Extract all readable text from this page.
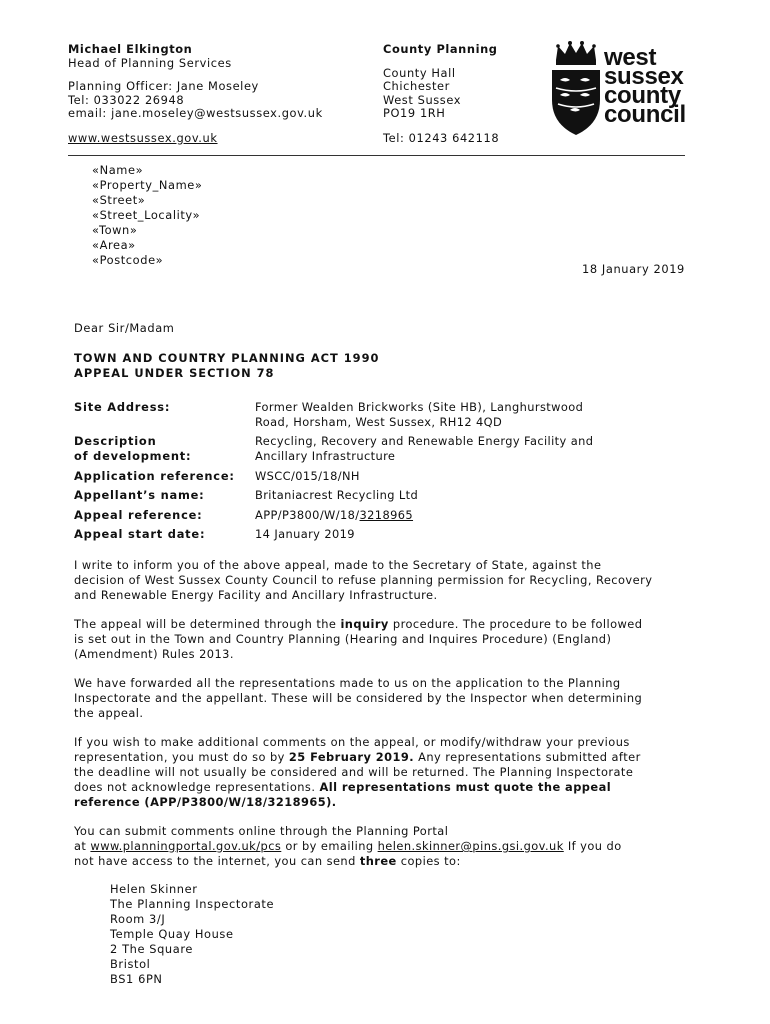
Michael Elkington
Head of Planning Services
Planning Officer: Jane Moseley
Tel: 033022 26948
email: jane.moseley@westsussex.gov.uk
www.westsussex.gov.uk
County Planning
County Hall
Chichester
West Sussex
PO19 1RH
Tel: 01243 642118
west
sussex
county
council
«Name»
«Property_Name»
«Street»
«Street_Locality»
«Town»
«Area»
«Postcode»
18 January 2019
Dear Sir/Madam
TOWN AND COUNTRY PLANNING ACT 1990
APPEAL UNDER SECTION 78
Site Address:	Former Wealden Brickworks (Site HB), Langhurstwood
Road, Horsham, West Sussex, RH12 4QD
Description
of development:
Recycling, Recovery and Renewable Energy Facility and
Ancillary Infrastructure
Application reference: WSCC/015/18/NH
Appellant’s name:	Britaniacrest Recycling Ltd
Appeal reference:	APP/P3800/W/18/3218965
Appeal start date:	14 January 2019
I write to inform you of the above appeal, made to the Secretary of State, against the
decision of West Sussex County Council to refuse planning permission for Recycling, Recovery
and Renewable Energy Facility and Ancillary Infrastructure.
The appeal will be determined through the inquiry procedure. The procedure to be followed
is set out in the Town and Country Planning (Hearing and Inquires Procedure) (England)
(Amendment) Rules 2013.
We have forwarded all the representations made to us on the application to the Planning
Inspectorate and the appellant. These will be considered by the Inspector when determining
the appeal.
If you wish to make additional comments on the appeal, or modify/withdraw your previous
representation, you must do so by 25 February 2019. Any representations submitted after
the deadline will not usually be considered and will be returned. The Planning Inspectorate
does not acknowledge representations. All representations must quote the appeal
reference (APP/P3800/W/18/3218965).
You can submit comments online through the Planning Portal
at www.planningportal.gov.uk/pcs or by emailing helen.skinner@pins.gsi.gov.uk If you do
not have access to the internet, you can send three copies to:
Helen Skinner
The Planning Inspectorate
Room 3/J
Temple Quay House
2 The Square
Bristol
BS1 6PN
